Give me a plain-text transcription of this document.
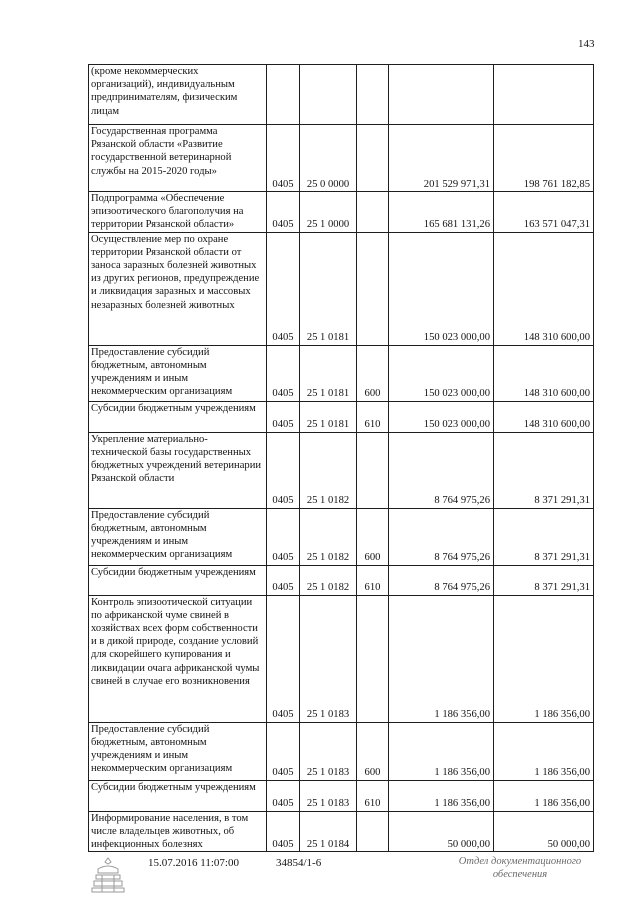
143
(кроме некоммерческих организаций), индивидуальным предпринимателям, физическим лицам					
Государственная программа Рязанской области «Развитие государственной ветеринарной службы на 2015-2020 годы»	0405	25 0 0000		201 529 971,31	198 761 182,85
Подпрограмма «Обеспечение эпизоотического благополучия на территории Рязанской области»	0405	25 1 0000		165 681 131,26	163 571 047,31
Осуществление мер по охране территории Рязанской области от заноса заразных болезней животных из других регионов, предупреждение и ликвидация заразных и массовых незаразных болезней животных	0405	25 1 0181		150 023 000,00	148 310 600,00
Предоставление субсидий бюджетным, автономным учреждениям и иным некоммерческим организациям	0405	25 1 0181	600	150 023 000,00	148 310 600,00
Субсидии бюджетным учреждениям	0405	25 1 0181	610	150 023 000,00	148 310 600,00
Укрепление материально-технической базы государственных бюджетных учреждений ветеринарии Рязанской области	0405	25 1 0182		8 764 975,26	8 371 291,31
Предоставление субсидий бюджетным, автономным учреждениям и иным некоммерческим организациям	0405	25 1 0182	600	8 764 975,26	8 371 291,31
Субсидии бюджетным учреждениям	0405	25 1 0182	610	8 764 975,26	8 371 291,31
Контроль эпизоотической ситуации по африканской чуме свиней в хозяйствах всех форм собственности и в дикой природе, создание условий для скорейшего купирования и ликвидации очага африканской чумы свиней в случае его возникновения	0405	25 1 0183		1 186 356,00	1 186 356,00
Предоставление субсидий бюджетным, автономным учреждениям и иным некоммерческим организациям	0405	25 1 0183	600	1 186 356,00	1 186 356,00
Субсидии бюджетным учреждениям	0405	25 1 0183	610	1 186 356,00	1 186 356,00
Информирование населения, в том числе владельцев животных, об инфекционных болезнях	0405	25 1 0184		50 000,00	50 000,00
15.07.2016 11:07:00	34854/1-6	Отдел документационного обеспечения
